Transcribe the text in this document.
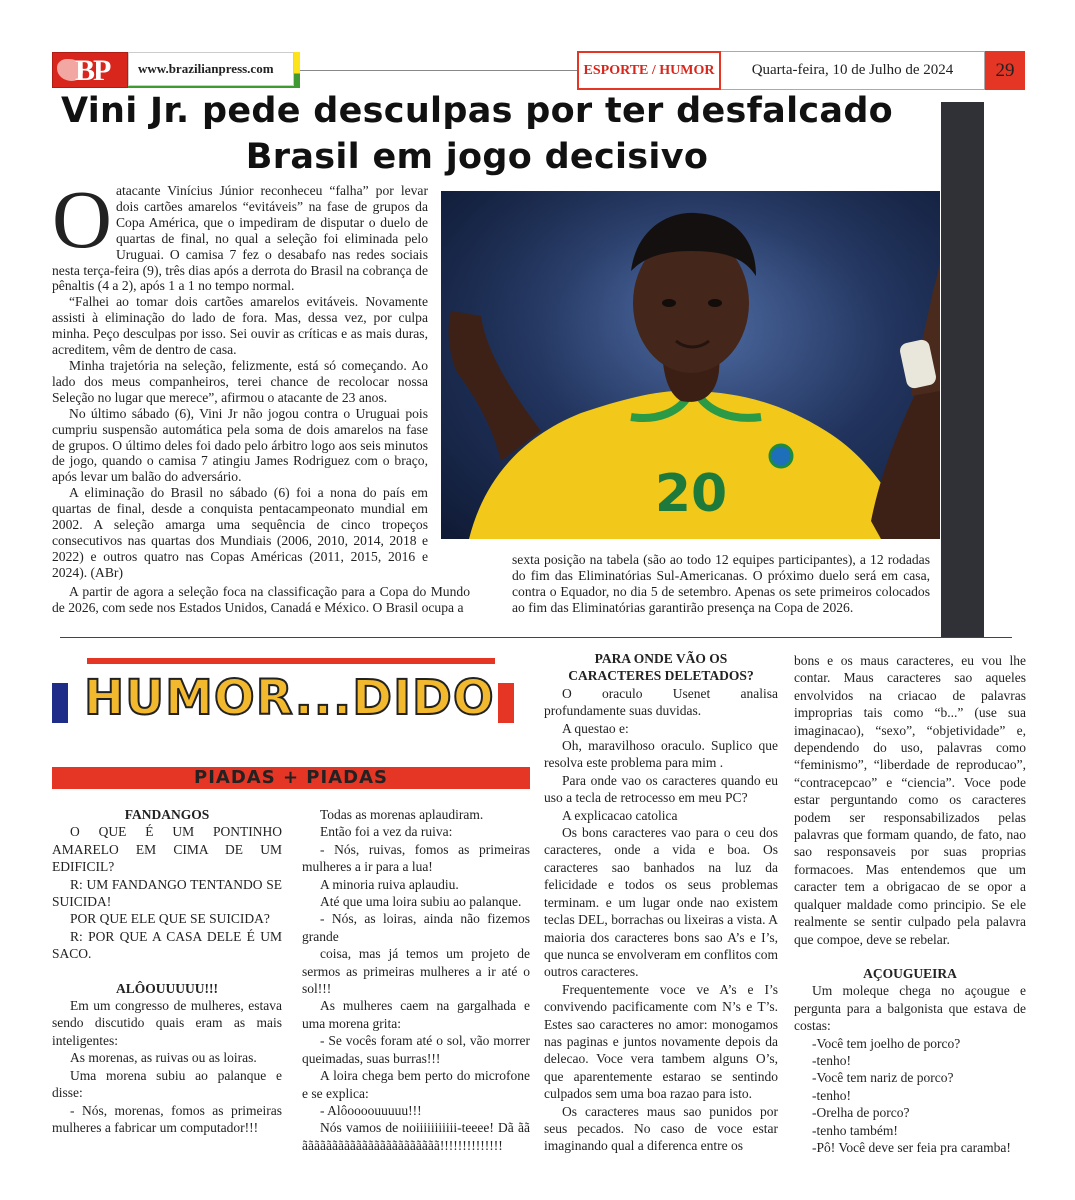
BP www.brazilianpress.com	ESPORTE / HUMOR	Quarta-feira, 10 de Julho de 2024	29
Vini Jr. pede desculpas por ter desfalcado
Brasil em jogo decisivo
O atacante Vinícius Júnior reconheceu “falha” por levar dois cartões amarelos “evitáveis” na fase de grupos da Copa América, que o impediram de disputar o duelo de quartas de final, no qual a seleção foi eliminada pelo Uruguai. O camisa 7 fez o desabafo nas redes sociais nesta terça-feira (9), três dias após a derrota do Brasil na cobrança de pênaltis (4 a 2), após 1 a 1 no tempo normal.

“Falhei ao tomar dois cartões amarelos evitáveis. Novamente assisti à eliminação do lado de fora. Mas, dessa vez, por culpa minha. Peço desculpas por isso. Sei ouvir as críticas e as mais duras, acreditem, vêm de dentro de casa.

Minha trajetória na seleção, felizmente, está só começando. Ao lado dos meus companheiros, terei chance de recolocar nossa Seleção no lugar que merece”, afirmou o atacante de 23 anos.

No último sábado (6), Vini Jr não jogou contra o Uruguai pois cumpriu suspensão automática pela soma de dois amarelos na fase de grupos. O último deles foi dado pelo árbitro logo aos seis minutos de jogo, quando o camisa 7 atingiu James Rodriguez com o braço, após levar um balão do adversário.

A eliminação do Brasil no sábado (6) foi a nona do país em quartas de final, desde a conquista pentacampeonato mundial em 2002. A seleção amarga uma sequência de cinco tropeços consecutivos nas quartas dos Mundiais (2006, 2010, 2014, 2018 e 2022) e outros quatro nas Copas Américas (2011, 2015, 2016 e 2024). (ABr)

20
sexta posição na tabela (são ao todo 12 equipes participantes), a 12 rodadas do fim das Eliminatórias Sul-Americanas. O próximo duelo será em casa, contra o Equador, no dia 5 de setembro. Apenas os sete primeiros colocados ao fim das Eliminatórias garantirão presença na Copa de 2026.

A partir de agora a seleção foca na classificação para a Copa do Mundo de 2026, com sede nos Estados Unidos, Canadá e México. O Brasil ocupa a

HUMOR...DIDO
PIADAS + PIADAS
FANDANGOS

O QUE É UM PONTINHO AMARELO EM CIMA DE UM EDIFICIL?

R: UM FANDANGO TENTANDO SE SUICIDA!

POR QUE ELE QUE SE SUICIDA?

R: POR QUE A CASA DELE É UM SACO.

ALÔOUUUUU!!!

Em um congresso de mulheres, estava sendo discutido quais eram as mais inteligentes:

As morenas, as ruivas ou as loiras.

Uma morena subiu ao palanque e disse:

- Nós, morenas, fomos as primeiras mulheres a fabricar um computador!!!

Todas as morenas aplaudiram.

Então foi a vez da ruiva:

- Nós, ruivas, fomos as primeiras mulheres a ir para a lua!

A minoria ruiva aplaudiu.

Até que uma loira subiu ao palanque.

- Nós, as loiras, ainda não fizemos grande

coisa, mas já temos um projeto de sermos as primeiras mulheres a ir até o sol!!!

As mulheres caem na gargalhada e uma morena grita:

- Se vocês foram até o sol, vão morrer queimadas, suas burras!!!

A loira chega bem perto do microfone e se explica:

- Alôoooouuuuu!!!

Nós vamos de noiiiiiiiiiii-teeee! Dã ããããããããããããããããããããããããã!!!!!!!!!!!!!!

PARA ONDE VÃO OS CARACTERES DELETADOS?

O oraculo Usenet analisa profundamente suas duvidas.

A questao e:

Oh, maravilhoso oraculo. Suplico que resolva este problema para mim .

Para onde vao os caracteres quando eu uso a tecla de retrocesso em meu PC?

A explicacao catolica

Os bons caracteres vao para o ceu dos caracteres, onde a vida e boa. Os caracteres sao banhados na luz da felicidade e todos os seus problemas terminam. e um lugar onde nao existem teclas DEL, borrachas ou lixeiras a vista. A maioria dos caracteres bons sao A’s e I’s, que nunca se envolveram em conflitos com outros caracteres.

Frequentemente voce ve A’s e I’s convivendo pacificamente com N’s e T’s. Estes sao caracteres no amor: monogamos nas paginas e juntos novamente depois da delecao. Voce vera tambem alguns O’s, que aparentemente estarao se sentindo culpados sem uma boa razao para isto.

Os caracteres maus sao punidos por seus pecados. No caso de voce estar imaginando qual a diferenca entre os

bons e os maus caracteres, eu vou lhe contar. Maus caracteres sao aqueles envolvidos na criacao de palavras improprias tais como “b...” (use sua imaginacao), “sexo”, “objetividade” e, dependendo do uso, palavras como “feminismo”, “liberdade de reproducao”, “contracepcao” e “ciencia”. Voce pode estar perguntando como os caracteres podem ser responsabilizados pelas palavras que formam quando, de fato, nao sao responsaveis por suas proprias formacoes. Mas entendemos que um caracter tem a obrigacao de se opor a qualquer maldade como principio. Se ele realmente se sentir culpado pela palavra que compoe, deve se rebelar.

AÇOUGUEIRA

Um moleque chega no açougue e pergunta para a balgonista que estava de costas:

-Você tem joelho de porco?

-tenho!

-Você tem nariz de porco?

-tenho!

-Orelha de porco?

-tenho também!

-Pô! Você deve ser feia pra caramba!
